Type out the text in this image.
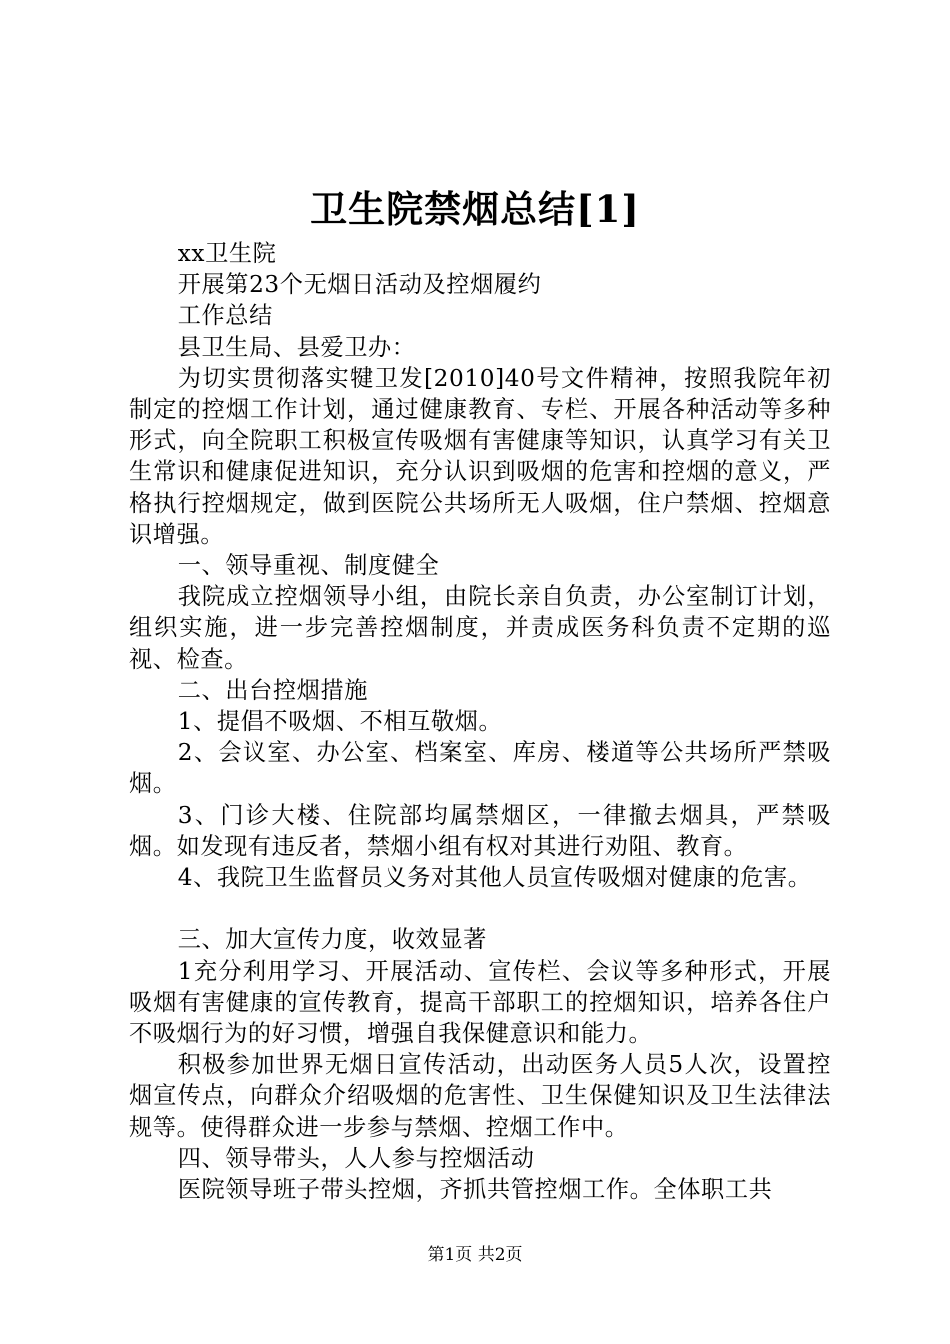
卫生院禁烟总结[1]

xx卫生院

开展第23个无烟日活动及控烟履约

工作总结

县卫生局、县爱卫办：

为切实贯彻落实犍卫发[2010]40号文件精神，按照我院年初制定的控烟工作计划，通过健康教育、专栏、开展各种活动等多种形式，向全院职工积极宣传吸烟有害健康等知识，认真学习有关卫生常识和健康促进知识，充分认识到吸烟的危害和控烟的意义，严格执行控烟规定，做到医院公共场所无人吸烟，住户禁烟、控烟意识增强。

一、领导重视、制度健全

我院成立控烟领导小组，由院长亲自负责，办公室制订计划，组织实施，进一步完善控烟制度，并责成医务科负责不定期的巡视、检查。

二、出台控烟措施

1、提倡不吸烟、不相互敬烟。

2、会议室、办公室、档案室、库房、楼道等公共场所严禁吸烟。

3、门诊大楼、住院部均属禁烟区，一律撤去烟具，严禁吸烟。如发现有违反者，禁烟小组有权对其进行劝阻、教育。

4、我院卫生监督员义务对其他人员宣传吸烟对健康的危害。

三、加大宣传力度，收效显著

1充分利用学习、开展活动、宣传栏、会议等多种形式，开展吸烟有害健康的宣传教育，提高干部职工的控烟知识，培养各住户不吸烟行为的好习惯，增强自我保健意识和能力。

积极参加世界无烟日宣传活动，出动医务人员5人次，设置控烟宣传点，向群众介绍吸烟的危害性、卫生保健知识及卫生法律法规等。使得群众进一步参与禁烟、控烟工作中。

四、领导带头，人人参与控烟活动

医院领导班子带头控烟，齐抓共管控烟工作。全体职工共

第1页 共2页
